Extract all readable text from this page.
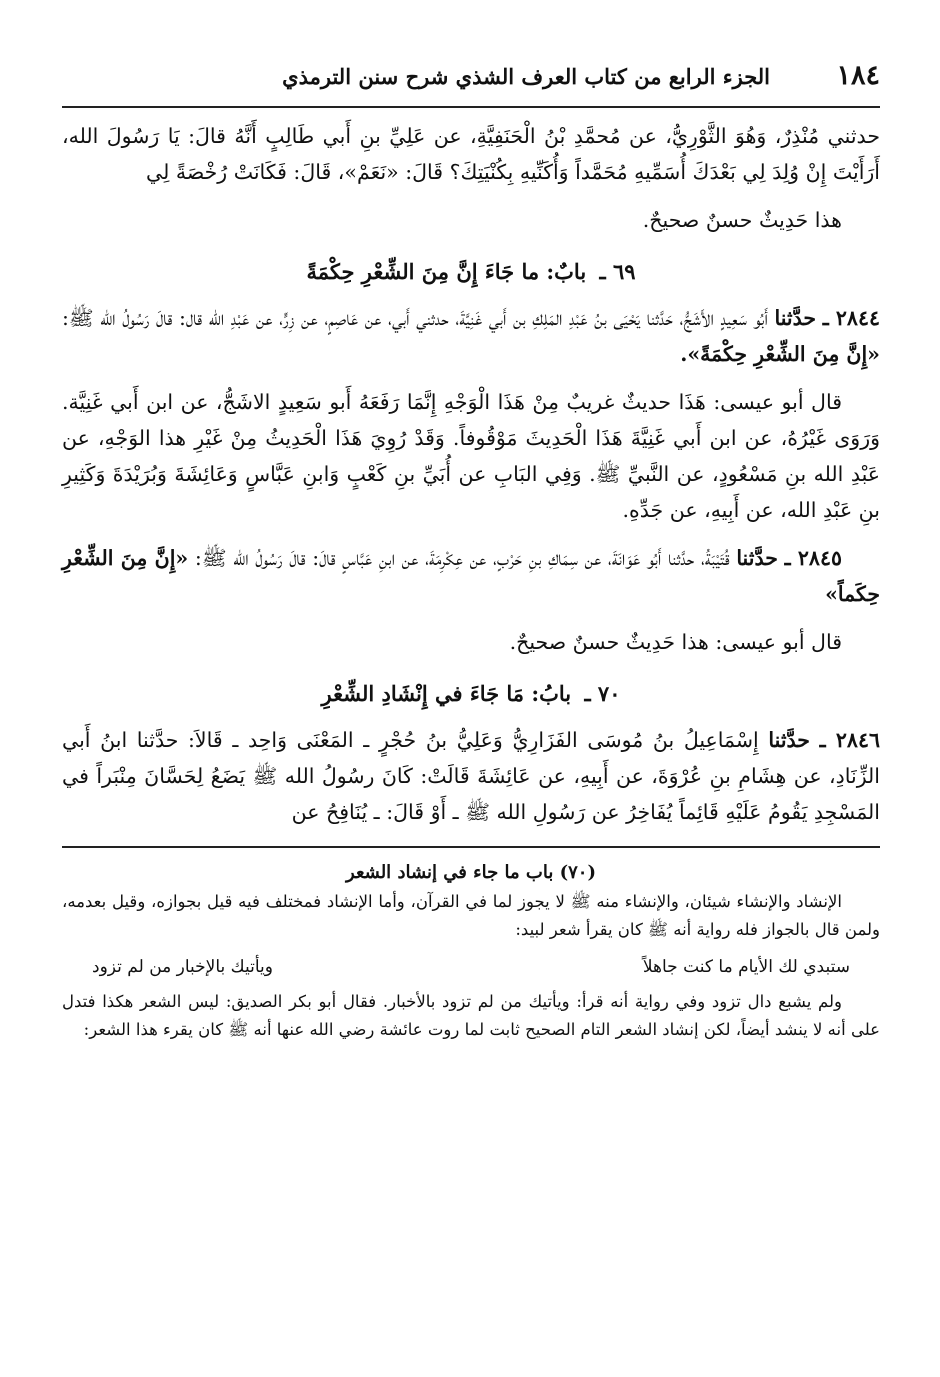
١٨٤
الجزء الرابع من كتاب العرف الشذي شرح سنن الترمذي

حدثني مُنْذِرٌ، وَهُوَ الثَّوْرِيُّ، عن مُحمَّدِ بْنُ الْحَنَفِيَّةِ، عن عَلِيِّ بنِ أَبي طَالِبٍ أَنَّهُ قالَ: يَا رَسُولَ الله، أَرَأَيْتَ إِنْ وُلِدَ لِي بَعْدَكَ أُسَمِّيهِ مُحَمَّداً وَأُكَنِّيهِ بِكُنْيَتِكَ؟ قَالَ: «نَعَمْ»، قَالَ: فَكَانَتْ رُخْصَةً لِي

هذا حَدِيثٌ حسنٌ صحيحٌ.

٦٩ ـ بابٌ: ما جَاءَ إِنَّ مِنَ الشِّعْرِ حِكْمَةً

٢٨٤٤ ـ حدَّثنا أَبُو سَعِيدٍ الأَشَجُّ، حَدَّثنا يَحْيَى بنُ عَبْدِ المَلِكِ بن أَبي غَنِيَّةَ، حدثني أَبي، عن عَاصِمٍ، عن زِرٍّ، عن عَبْدِ الله قال: قالَ رَسُولُ الله ﷺ: «إِنَّ مِنَ الشِّعْرِ حِكْمَةً».

قال أبو عيسى: هَذَا حديثٌ غريبٌ مِنْ هَذَا الْوَجْهِ إِنَّمَا رَفَعَهُ أَبو سَعِيدٍ الاشَجُّ، عن ابن أَبي غَنِيَّة. وَرَوَى غَيْرُهُ، عن ابن أَبي غَنِيَّةَ هَذَا الْحَدِيثَ مَوْقُوفاً. وَقَدْ رُوِيَ هَذَا الْحَدِيثُ مِنْ غَيْرِ هذا الوَجْهِ، عن عَبْدِ الله بنِ مَسْعُودٍ، عن النَّبيِّ ﷺ. وَفِي البَابِ عن أُبَيِّ بنِ كَعْبٍ وَابنِ عَبَّاسٍ وَعَائِشَةَ وَبُرَيْدَةَ وَكَثِيرِ بنِ عَبْدِ الله، عن أَبِيهِ، عن جَدِّهِ.

٢٨٤٥ ـ حدَّثنا قُتَيْبَةُ، حدَّثنا أَبُو عَوَانَةَ، عن سِمَاكِ بنِ حَرْبٍ، عن عِكْرِمَةَ، عن ابنِ عَبَّاسٍ قالَ: قالَ رَسُولُ الله ﷺ: «إِنَّ مِنَ الشِّعْرِ حِكَماً»

قال أبو عيسى: هذا حَدِيثٌ حسنٌ صحيحٌ.

٧٠ ـ بابُ: مَا جَاءَ في إِنْشَادِ الشِّعْرِ

٢٨٤٦ ـ حدَّثنا إِسْمَاعِيلُ بنُ مُوسَى الفَزَارِيُّ وَعَلِيُّ بنُ حُجْرٍ ـ المَعْنَى وَاحِد ـ قَالاَ: حدَّثنا ابنُ أَبي الزِّنَادِ، عن هِشَامِ بنِ عُرْوَةَ، عن أَبِيهِ، عن عَائِشَةَ قَالَتْ: كَانَ رسُولُ الله ﷺ يَضَعُ لِحَسَّانَ مِنْبَراً في المَسْجِدِ يَقُومُ عَلَيْهِ قَائِماً يُفَاخِرُ عن رَسُولِ الله ﷺ ـ أَوْ قَالَ: ـ يُنَافِحُ عن

(٧٠) باب ما جاء في إنشاد الشعر

الإنشاد والإنشاء شيئان، والإنشاء منه ﷺ لا يجوز لما في القرآن، وأما الإنشاد فمختلف فيه قيل بجوازه، وقيل بعدمه، ولمن قال بالجواز فله رواية أنه ﷺ كان يقرأ شعر لبيد:

ستبدي لك الأيام ما كنت جاهلاً
ويأتيك بالإخبار من لم تزود

ولم يشبع دال تزود وفي رواية أنه قرأ: ويأتيك من لم تزود بالأخبار. فقال أبو بكر الصديق: ليس الشعر هكذا فتدل على أنه لا ينشد أيضاً، لكن إنشاد الشعر التام الصحيح ثابت لما روت عائشة رضي الله عنها أنه ﷺ كان يقرء هذا الشعر:
